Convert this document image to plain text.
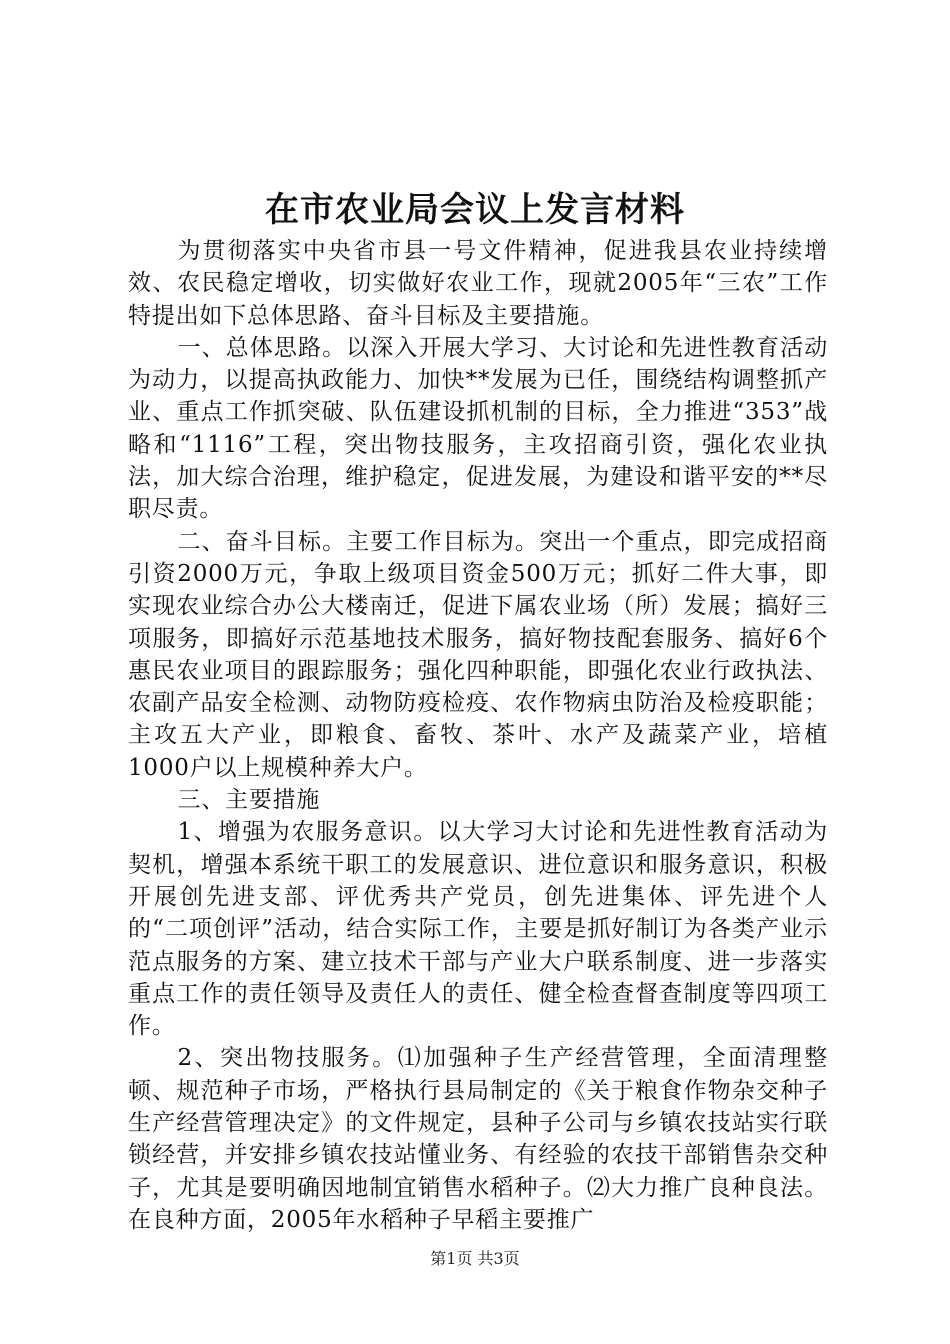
在市农业局会议上发言材料

为贯彻落实中央省市县一号文件精神，促进我县农业持续增效、农民稳定增收，切实做好农业工作，现就2005年“三农”工作特提出如下总体思路、奋斗目标及主要措施。

一、总体思路。以深入开展大学习、大讨论和先进性教育活动为动力，以提高执政能力、加快**发展为已任，围绕结构调整抓产业、重点工作抓突破、队伍建设抓机制的目标，全力推进“353”战略和“1116”工程，突出物技服务，主攻招商引资，强化农业执法，加大综合治理，维护稳定，促进发展，为建设和谐平安的**尽职尽责。

二、奋斗目标。主要工作目标为。突出一个重点，即完成招商引资2000万元，争取上级项目资金500万元；抓好二件大事，即实现农业综合办公大楼南迁，促进下属农业场（所）发展；搞好三项服务，即搞好示范基地技术服务，搞好物技配套服务、搞好6个惠民农业项目的跟踪服务；强化四种职能，即强化农业行政执法、农副产品安全检测、动物防疫检疫、农作物病虫防治及检疫职能；主攻五大产业，即粮食、畜牧、茶叶、水产及蔬菜产业，培植1000户以上规模种养大户。

三、主要措施

1、增强为农服务意识。以大学习大讨论和先进性教育活动为契机，增强本系统干职工的发展意识、进位意识和服务意识，积极开展创先进支部、评优秀共产党员，创先进集体、评先进个人的“二项创评”活动，结合实际工作，主要是抓好制订为各类产业示范点服务的方案、建立技术干部与产业大户联系制度、进一步落实重点工作的责任领导及责任人的责任、健全检查督查制度等四项工作。

2、突出物技服务。⑴加强种子生产经营管理，全面清理整顿、规范种子市场，严格执行县局制定的《关于粮食作物杂交种子生产经营管理决定》的文件规定，县种子公司与乡镇农技站实行联锁经营，并安排乡镇农技站懂业务、有经验的农技干部销售杂交种子，尤其是要明确因地制宜销售水稻种子。⑵大力推广良种良法。在良种方面，2005年水稻种子早稻主要推广

第1页 共3页
